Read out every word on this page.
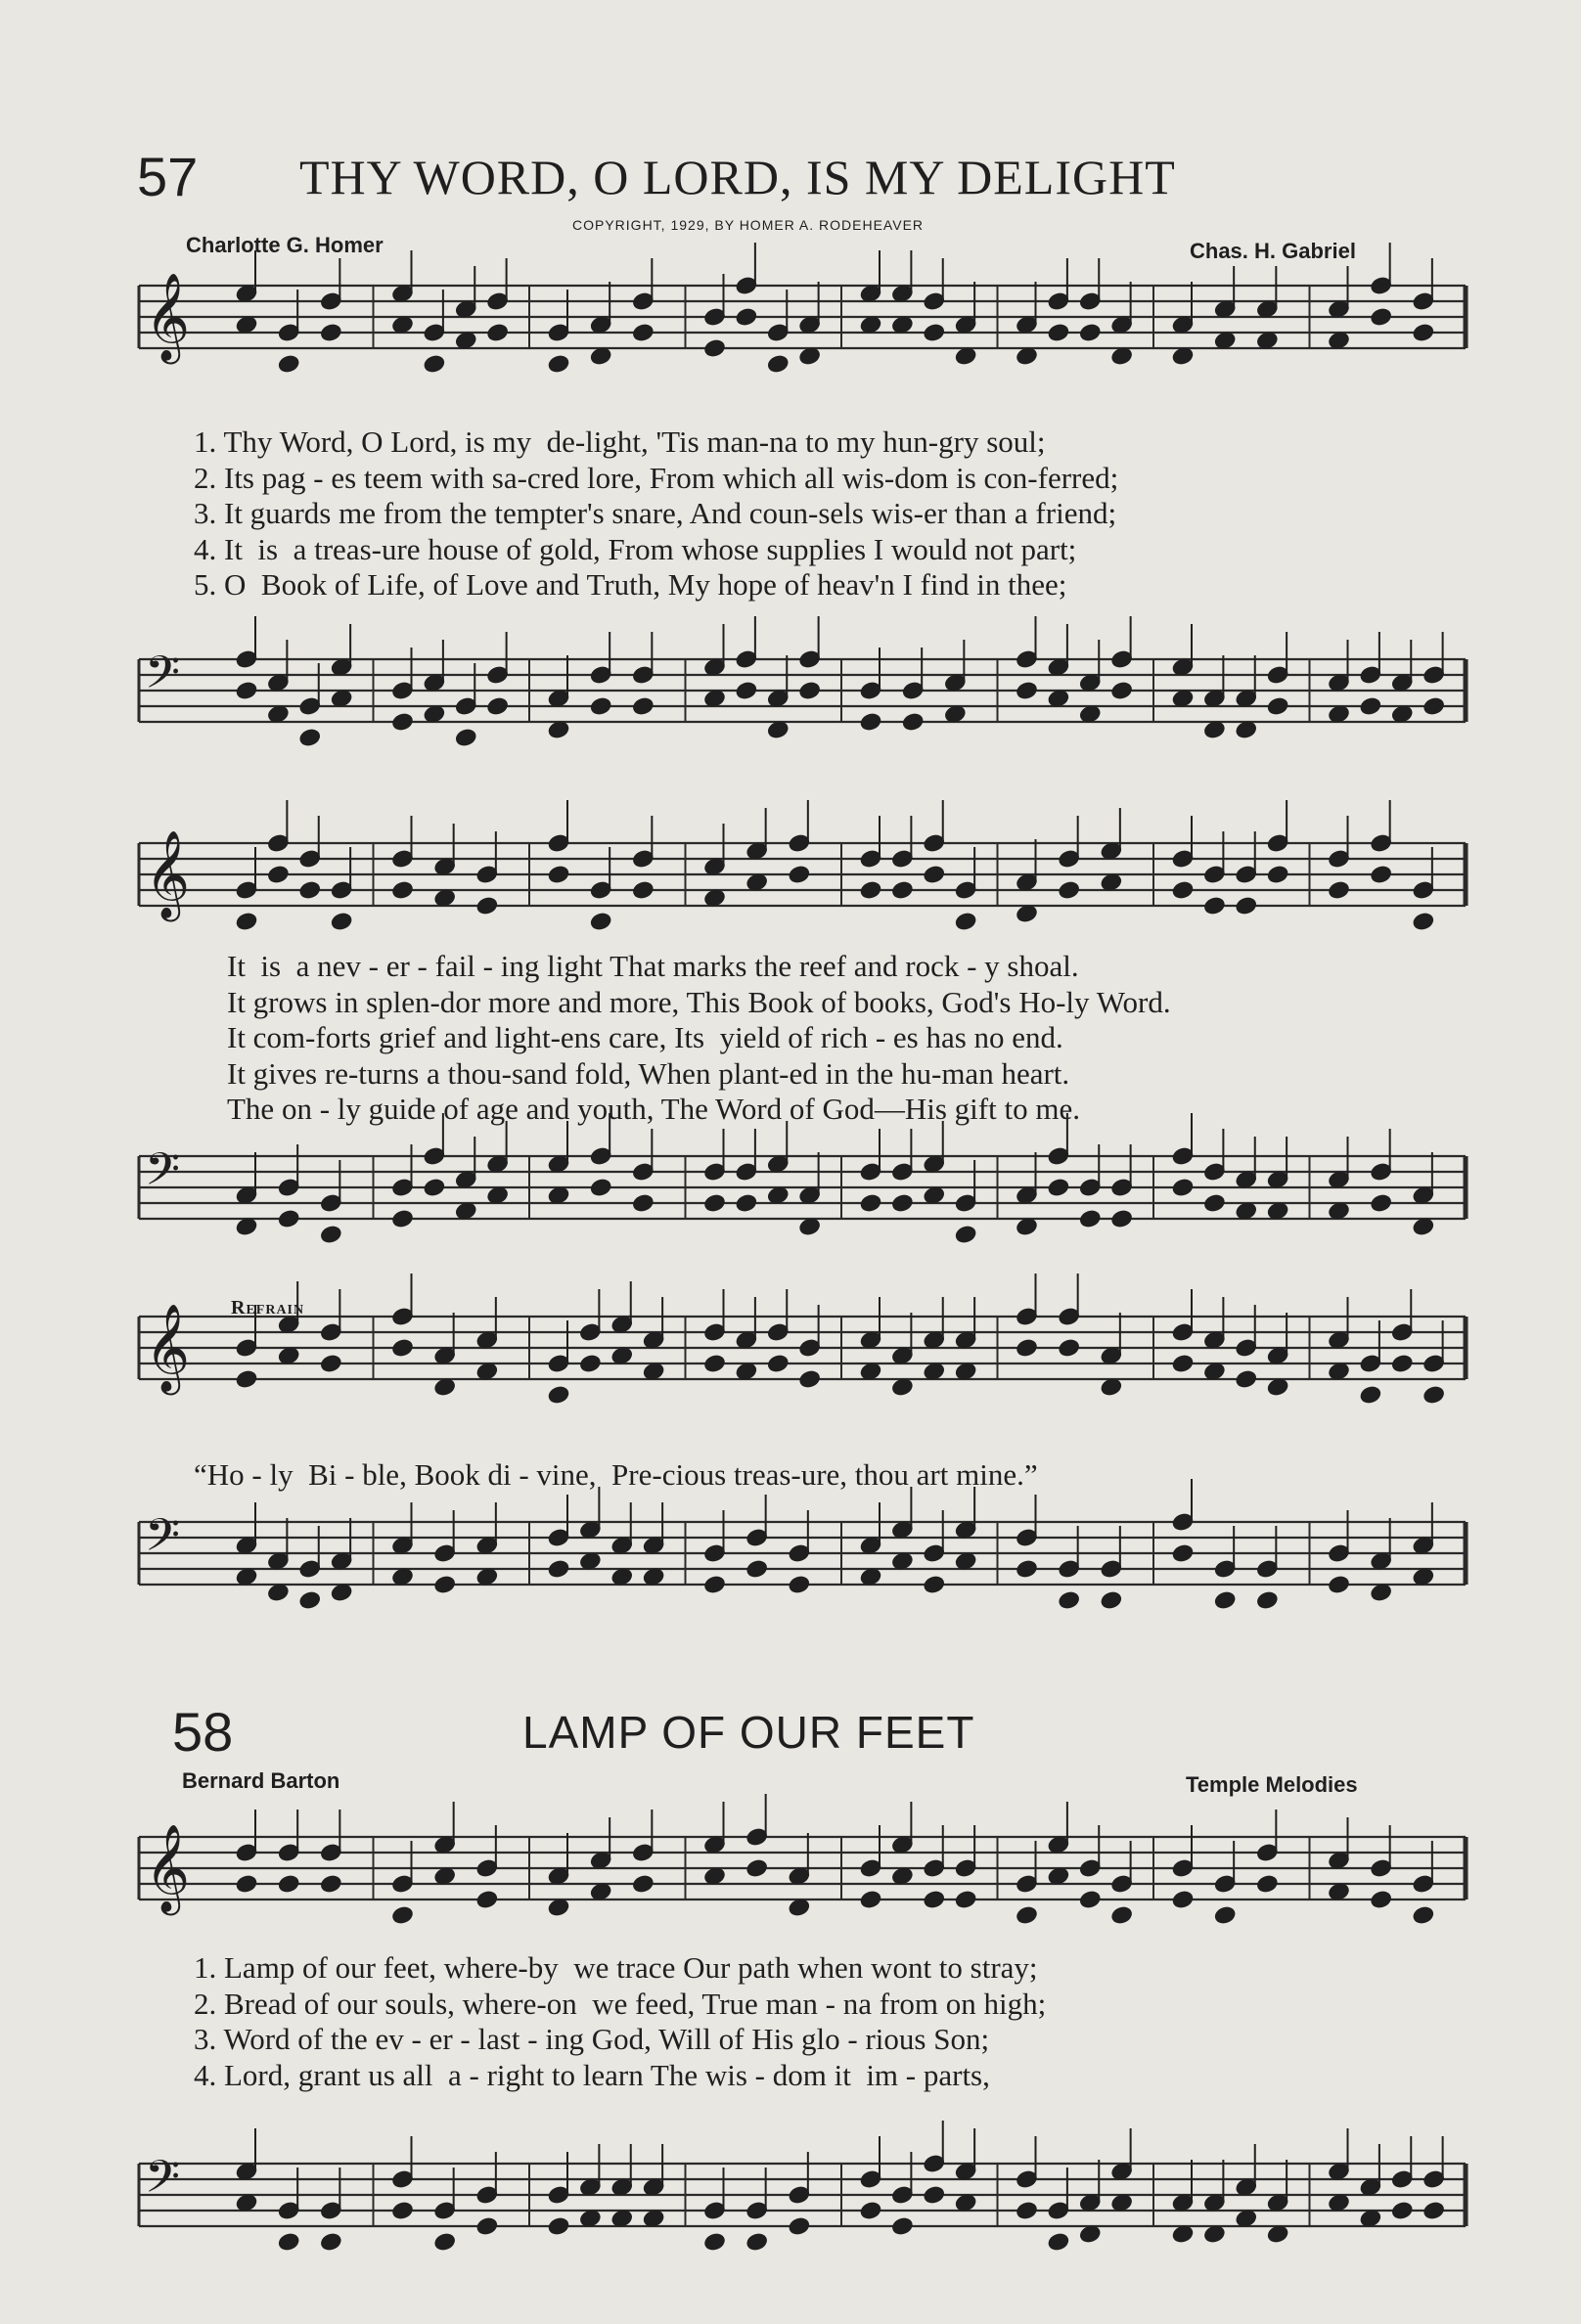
57 THY WORD, O LORD, IS MY DELIGHT
COPYRIGHT, 1929, BY HOMER A. RODEHEAVER
Charlotte G. Homer	Chas. H. Gabriel
𝄞
𝄢
𝄞
𝄢
𝄞
𝄢
𝄞
𝄢
1. Thy Word, O Lord, is my  de-light, 'Tis man-na to my hun-gry soul;
2. Its pag - es teem with sa-cred lore, From which all wis-dom is con-ferred;
3. It guards me from the tempter's snare, And coun-sels wis-er than a friend;
4. It  is  a treas-ure house of gold, From whose supplies I would not part;
5. O  Book of Life, of Love and Truth, My hope of heav'n I find in thee;
It  is  a nev - er - fail - ing light That marks the reef and rock - y shoal.
It grows in splen-dor more and more, This Book of books, God's Ho-ly Word.
It com-forts grief and light-ens care, Its  yield of rich - es has no end.
It gives re-turns a thou-sand fold, When plant-ed in the hu-man heart.
The on - ly guide of age and youth, The Word of God—His gift to me.
Refrain
“Ho - ly  Bi - ble, Book di - vine,  Pre-cious treas-ure, thou art mine.”
58	LAMP OF OUR FEET
Bernard Barton	Temple Melodies
1. Lamp of our feet, where-by  we trace Our path when wont to stray;
2. Bread of our souls, where-on  we feed, True man - na from on high;
3. Word of the ev - er - last - ing God, Will of His glo - rious Son;
4. Lord, grant us all  a - right to learn The wis - dom it  im - parts,
